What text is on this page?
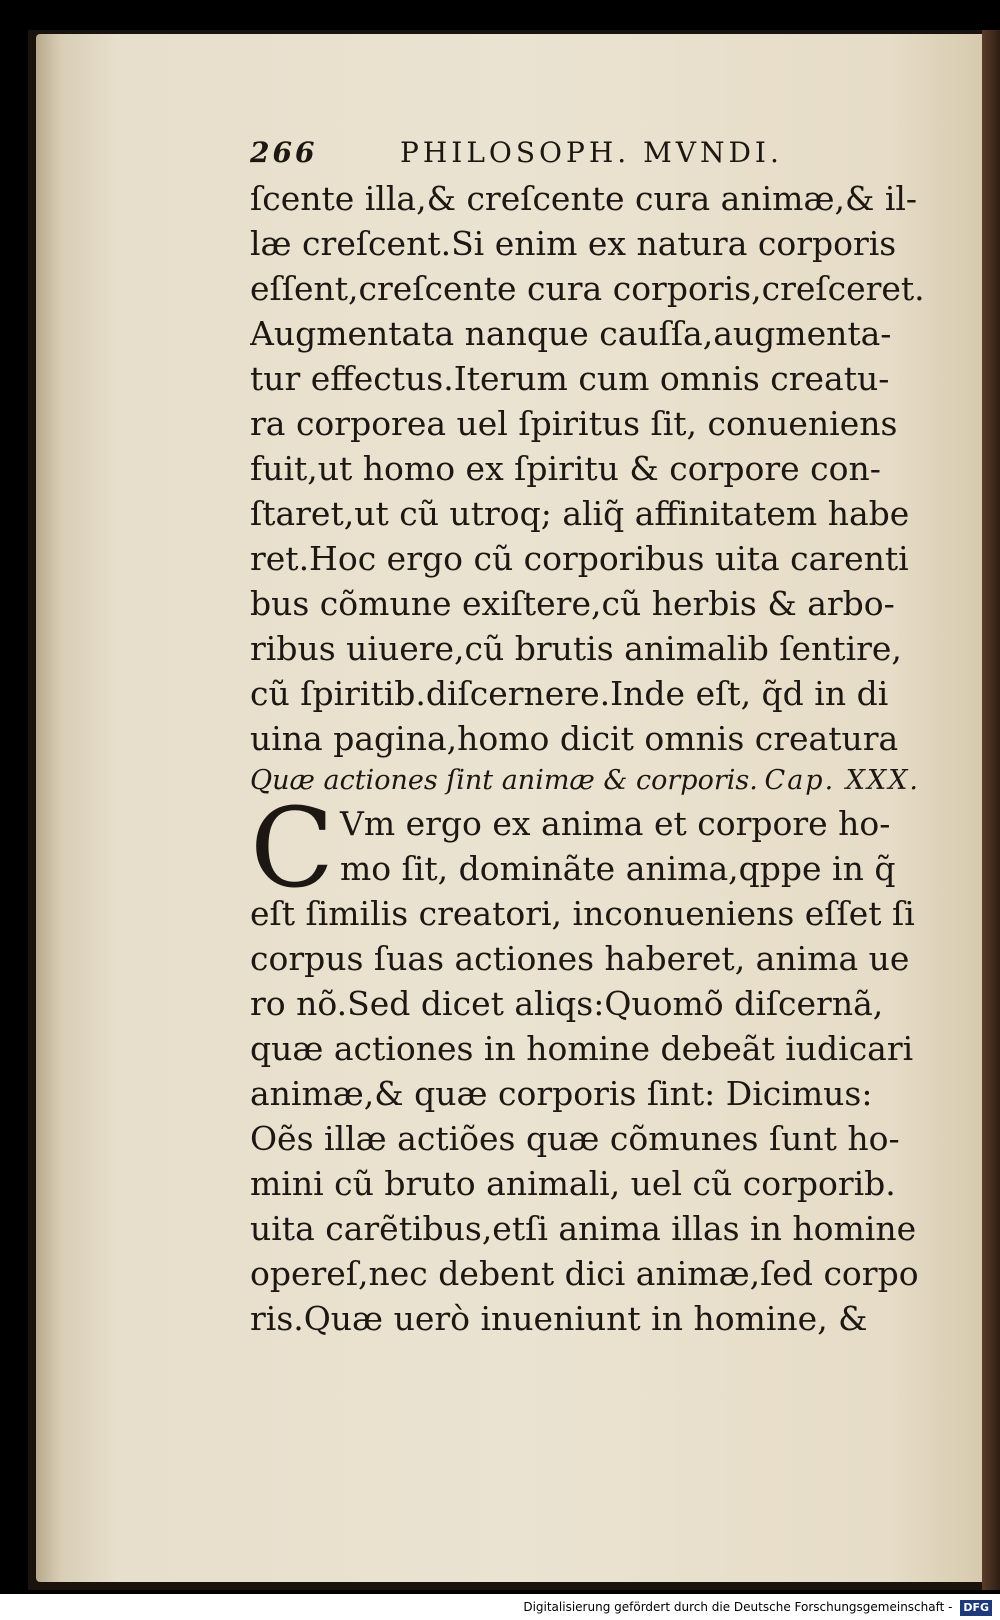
266	PHILOSOPH. MVNDI.
ſcente illa,& creſcente cura animæ,& il-
læ creſcent.Si enim ex natura corporis
eſſent,creſcente cura corporis,creſceret.
Augmentata nanque cauſſa,augmenta-
tur effectus.Iterum cum omnis creatu-
ra corporea uel ſpiritus ſit, conueniens
fuit,ut homo ex ſpiritu & corpore con-
ſtaret,ut cũ utroq; aliq̃ affinitatem habe
ret.Hoc ergo cũ corporibus uita carenti
bus cõmune exiſtere,cũ herbis & arbo-
ribus uiuere,cũ brutis animalib ſentire,
cũ ſpiritib.diſcernere.Inde eſt, q̃d in di
uina pagina,homo dicit omnis creatura
Quæ actiones ſint animæ & corporis. Cap. XXX.
C Vm ergo ex anima et corpore ho-
mo ſit, dominãte anima,qppe in q̃
eſt ſimilis creatori, inconueniens eſſet ſi
corpus ſuas actiones haberet, anima ue
ro nõ.Sed dicet aliqs:Quomõ diſcernã,
quæ actiones in homine debeãt iudicari
animæ,& quæ corporis ſint: Dicimus:
Oẽs illæ actiões quæ cõmunes ſunt ho-
mini cũ bruto animali, uel cũ corporib.
uita carẽtibus,etſi anima illas in homine
opereſ,nec debent dici animæ,ſed corpo
ris.Quæ uerò inueniunt in homine, &
Digitalisierung gefördert durch die Deutsche Forschungsgemeinschaft - DFG
